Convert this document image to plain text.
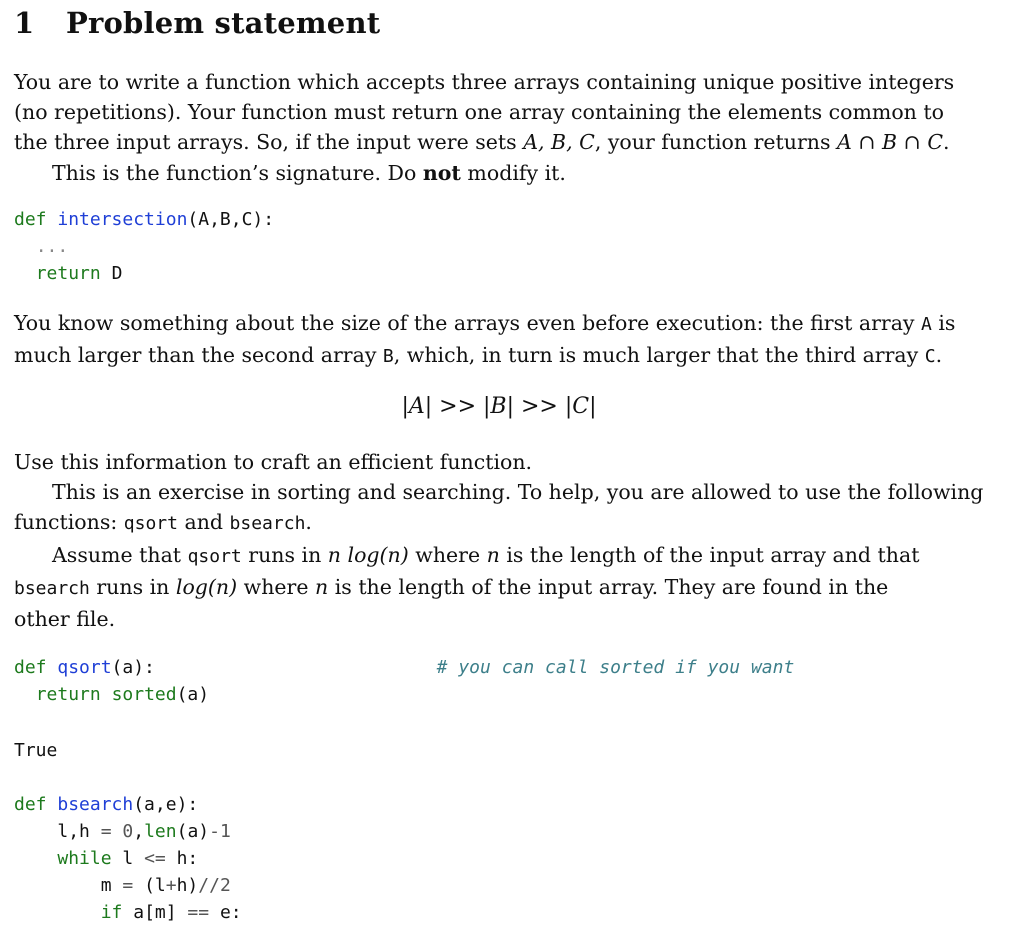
1 Problem statement
You are to write a function which accepts three arrays containing unique positive integers
(no repetitions). Your function must return one array containing the elements common to
the three input arrays. So, if the input were sets A, B, C, your function returns A ∩ B ∩ C.
This is the function’s signature. Do not modify it.
def intersection(A,B,C):
...
return D
You know something about the size of the arrays even before execution: the first array A is
much larger than the second array B, which, in turn is much larger that the third array C.
|A| >> |B| >> |C|
Use this information to craft an efficient function.
This is an exercise in sorting and searching. To help, you are allowed to use the following
functions: qsort and bsearch.
Assume that qsort runs in n log(n) where n is the length of the input array and that
bsearch runs in log(n) where n is the length of the input array. They are found in the
other file.
def qsort(a):	# you can call sorted if you want
return sorted(a)
True
def bsearch(a,e):
l,h = 0,len(a)-1
while l <= h:
m = (l+h)//2
if a[m] == e:
